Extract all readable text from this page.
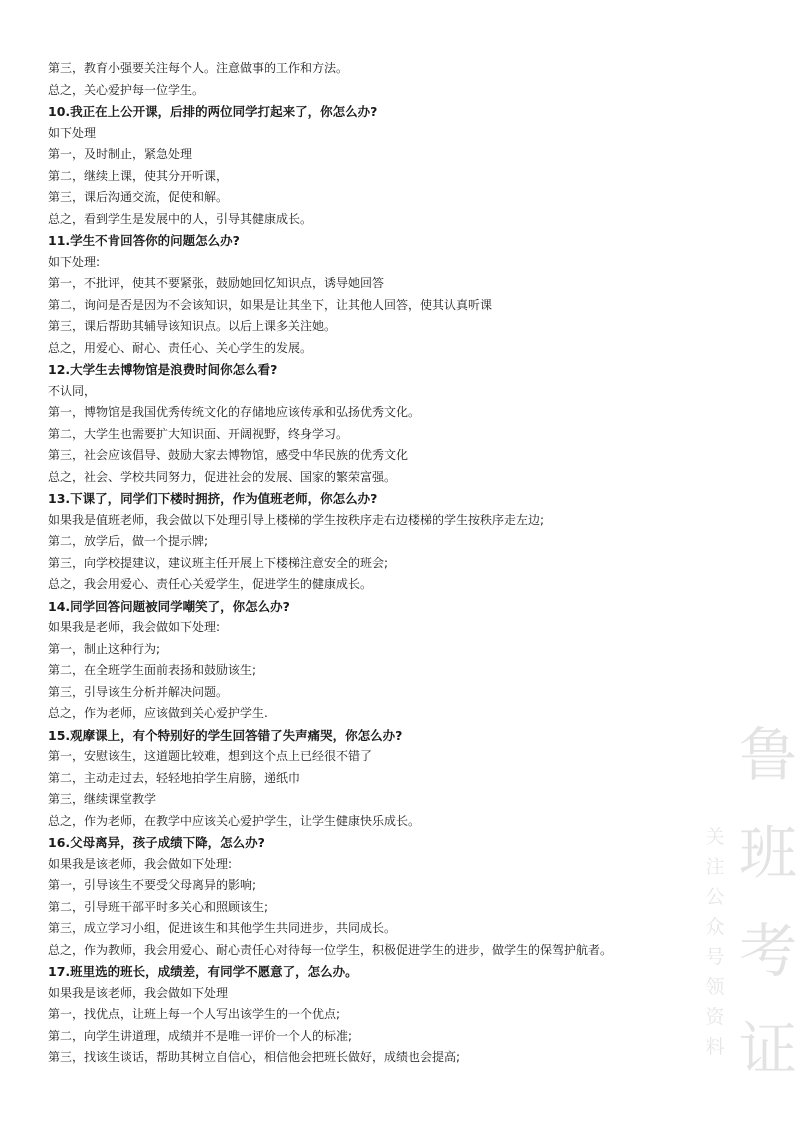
第三，教育小强要关注每个人。注意做事的工作和方法。
总之，关心爱护每一位学生。
10.我正在上公开课，后排的两位同学打起来了，你怎么办?
如下处理
第一，及时制止，紧急处理
第二，继续上课，使其分开听课，
第三，课后沟通交流，促使和解。
总之，看到学生是发展中的人，引导其健康成长。
11.学生不肯回答你的问题怎么办?
如下处理:
第一，不批评，使其不要紧张，鼓励她回忆知识点，诱导她回答
第二，询问是否是因为不会该知识，如果是让其坐下，让其他人回答，使其认真听课
第三，课后帮助其辅导该知识点。以后上课多关注她。
总之，用爱心、耐心、责任心、关心学生的发展。
12.大学生去博物馆是浪费时间你怎么看?
不认同，
第一，博物馆是我国优秀传统文化的存储地应该传承和弘扬优秀文化。
第二，大学生也需要扩大知识面、开阔视野，终身学习。
第三，社会应该倡导、鼓励大家去博物馆，感受中华民族的优秀文化
总之，社会、学校共同努力，促进社会的发展、国家的繁荣富强。
13.下课了，同学们下楼时拥挤，作为值班老师，你怎么办?
如果我是值班老师，我会做以下处理引导上楼梯的学生按秩序走右边楼梯的学生按秩序走左边;
第二，放学后，做一个提示牌;
第三，向学校提建议，建议班主任开展上下楼梯注意安全的班会;
总之，我会用爱心、责任心关爱学生，促进学生的健康成长。
14.同学回答问题被同学嘲笑了，你怎么办?
如果我是老师，我会做如下处理:
第一，制止这种行为;
第二，在全班学生面前表扬和鼓励该生;
第三，引导该生分析并解决问题。
总之，作为老师，应该做到关心爱护学生.
15.观摩课上，有个特别好的学生回答错了失声痛哭，你怎么办?
第一，安慰该生，这道题比较难，想到这个点上已经很不错了
第二，主动走过去，轻轻地拍学生肩膀，递纸巾
第三，继续课堂教学
总之，作为老师，在教学中应该关心爱护学生，让学生健康快乐成长。
16.父母离异，孩子成绩下降，怎么办?
如果我是该老师，我会做如下处理:
第一，引导该生不要受父母离异的影响;
第二，引导班干部平时多关心和照顾该生;
第三，成立学习小组，促进该生和其他学生共同进步，共同成长。
总之，作为教师，我会用爱心、耐心责任心对待每一位学生，积极促进学生的进步，做学生的保驾护航者。
17.班里选的班长，成绩差，有同学不愿意了，怎么办。
如果我是该老师，我会做如下处理
第一，找优点，让班上每一个人写出该学生的一个优点;
第二，向学生讲道理，成绩并不是唯一评价一个人的标准;
第三，找该生谈话，帮助其树立自信心，相信他会把班长做好，成绩也会提高;
鲁
班
考
证
关
注
公
众
号
领
资
料
